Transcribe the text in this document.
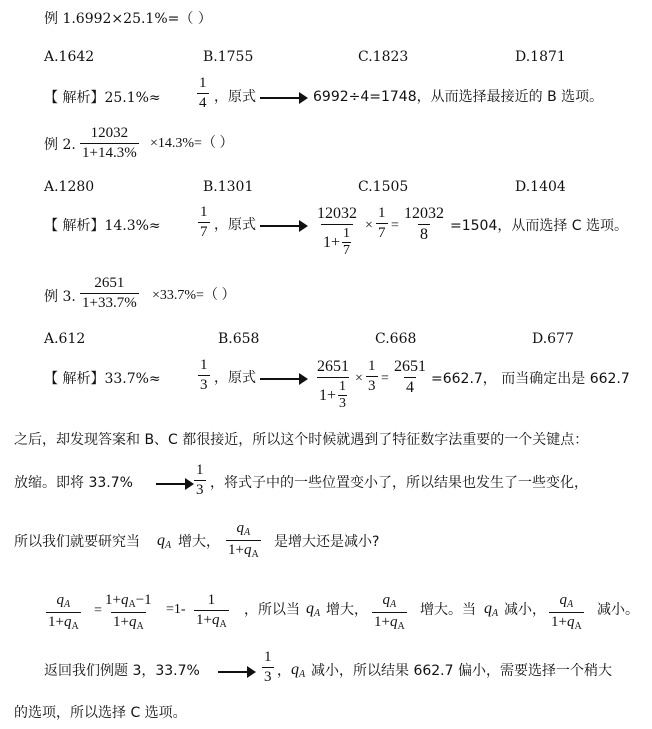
例 1.6992×25.1%=（ ）
A.1642	B.1755	C.1823	D.1871
【 解析】$25.1\%\approx \frac{1}{4}$ ，原式	6992÷4=1748，从而选择最接近的 B 选项。
例 2. $\frac{12032}{1+14.3\%} \times 14.3\%=$（ ）
A.1280	B.1301	C.1505	D.1404
【 解析】$14.3\%\approx \frac{1}{7}$ ，原式	$\frac{12032}{1+ \frac{1}{7}} \times \frac{1}{7} = \frac{12032}{8} =1504$，从而选择 C 选项。
例 3. $\frac{2651}{1+33.7\%} \times 33.7\%=$（ ）
A.612	B.658	C.668	D.677
【 解析】$33.7\%\approx \frac{1}{3}$ ，原式	$\frac{2651}{1+ \frac{1}{3}} \times \frac{1}{3} = \frac{2651}{4} =662.7$， 而当确定出是 662.7
之后，却发现答案和 B、C 都很接近，所以这个时候就遇到了特征数字法重要的一个关键点：
放缩。即将 33.7%	$\frac{1}{3}$ ，将式子中的一些位置变小了，所以结果也发生了一些变化，
所以我们就要研究当 $q_A$ 增大， $\frac{q_A}{1+q_A}$ 是增大还是减小?
$\frac{q_A}{1+q_A} = \frac{1+q_A-1}{1+q_A} =1- \frac{1}{1+q_A}$ ，所以当 $q_A$ 增大， $\frac{q_A}{1+q_A}$ 增大。当 $q_A$ 减小， $\frac{q_A}{1+q_A}$ 减小。
返回我们例题 3，33.7%	$\frac{1}{3}$ ， $q_A$ 减小，所以结果 662.7 偏小，需要选择一个稍大
的选项，所以选择 C 选项。
